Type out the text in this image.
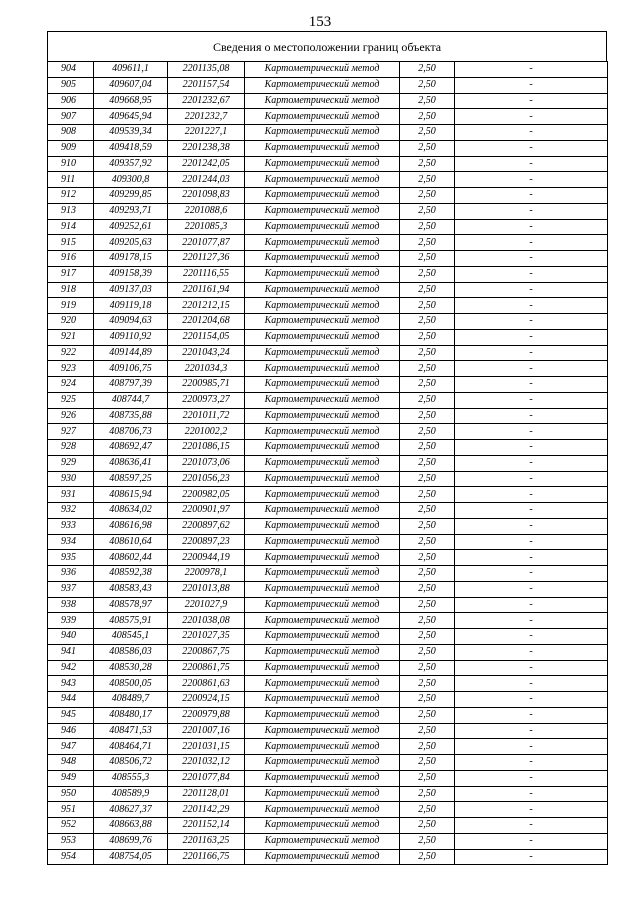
153
Сведения о местоположении границ объекта
904	409611,1	2201135,08	Картометрический метод	2,50	-
905	409607,04	2201157,54	Картометрический метод	2,50	-
906	409668,95	2201232,67	Картометрический метод	2,50	-
907	409645,94	2201232,7	Картометрический метод	2,50	-
908	409539,34	2201227,1	Картометрический метод	2,50	-
909	409418,59	2201238,38	Картометрический метод	2,50	-
910	409357,92	2201242,05	Картометрический метод	2,50	-
911	409300,8	2201244,03	Картометрический метод	2,50	-
912	409299,85	2201098,83	Картометрический метод	2,50	-
913	409293,71	2201088,6	Картометрический метод	2,50	-
914	409252,61	2201085,3	Картометрический метод	2,50	-
915	409205,63	2201077,87	Картометрический метод	2,50	-
916	409178,15	2201127,36	Картометрический метод	2,50	-
917	409158,39	2201116,55	Картометрический метод	2,50	-
918	409137,03	2201161,94	Картометрический метод	2,50	-
919	409119,18	2201212,15	Картометрический метод	2,50	-
920	409094,63	2201204,68	Картометрический метод	2,50	-
921	409110,92	2201154,05	Картометрический метод	2,50	-
922	409144,89	2201043,24	Картометрический метод	2,50	-
923	409106,75	2201034,3	Картометрический метод	2,50	-
924	408797,39	2200985,71	Картометрический метод	2,50	-
925	408744,7	2200973,27	Картометрический метод	2,50	-
926	408735,88	2201011,72	Картометрический метод	2,50	-
927	408706,73	2201002,2	Картометрический метод	2,50	-
928	408692,47	2201086,15	Картометрический метод	2,50	-
929	408636,41	2201073,06	Картометрический метод	2,50	-
930	408597,25	2201056,23	Картометрический метод	2,50	-
931	408615,94	2200982,05	Картометрический метод	2,50	-
932	408634,02	2200901,97	Картометрический метод	2,50	-
933	408616,98	2200897,62	Картометрический метод	2,50	-
934	408610,64	2200897,23	Картометрический метод	2,50	-
935	408602,44	2200944,19	Картометрический метод	2,50	-
936	408592,38	2200978,1	Картометрический метод	2,50	-
937	408583,43	2201013,88	Картометрический метод	2,50	-
938	408578,97	2201027,9	Картометрический метод	2,50	-
939	408575,91	2201038,08	Картометрический метод	2,50	-
940	408545,1	2201027,35	Картометрический метод	2,50	-
941	408586,03	2200867,75	Картометрический метод	2,50	-
942	408530,28	2200861,75	Картометрический метод	2,50	-
943	408500,05	2200861,63	Картометрический метод	2,50	-
944	408489,7	2200924,15	Картометрический метод	2,50	-
945	408480,17	2200979,88	Картометрический метод	2,50	-
946	408471,53	2201007,16	Картометрический метод	2,50	-
947	408464,71	2201031,15	Картометрический метод	2,50	-
948	408506,72	2201032,12	Картометрический метод	2,50	-
949	408555,3	2201077,84	Картометрический метод	2,50	-
950	408589,9	2201128,01	Картометрический метод	2,50	-
951	408627,37	2201142,29	Картометрический метод	2,50	-
952	408663,88	2201152,14	Картометрический метод	2,50	-
953	408699,76	2201163,25	Картометрический метод	2,50	-
954	408754,05	2201166,75	Картометрический метод	2,50	-
